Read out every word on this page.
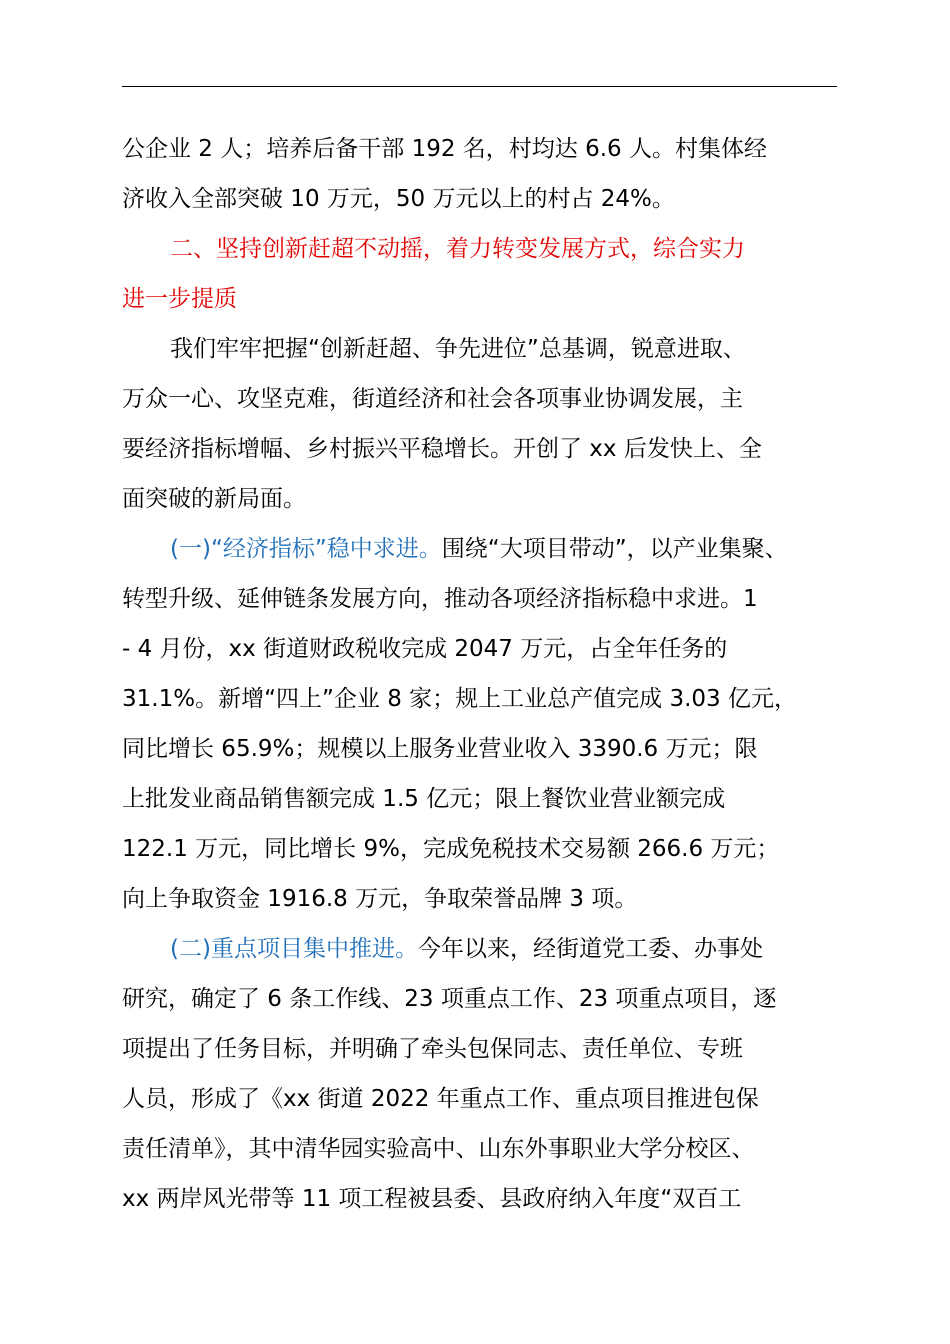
公企业 2 人；培养后备干部 192 名，村均达 6.6 人。村集体经
济收入全部突破 10 万元，50 万元以上的村占 24%。
二、坚持创新赶超不动摇，着力转变发展方式，综合实力
进一步提质
我们牢牢把握“创新赶超、争先进位”总基调，锐意进取、
万众一心、攻坚克难，街道经济和社会各项事业协调发展，主
要经济指标增幅、乡村振兴平稳增长。开创了 xx 后发快上、全
面突破的新局面。
(一)“经济指标”稳中求进。围绕“大项目带动”，以产业集聚、
转型升级、延伸链条发展方向，推动各项经济指标稳中求进。1
- 4 月份，xx 街道财政税收完成 2047 万元，占全年任务的
31.1%。新增“四上”企业 8 家；规上工业总产值完成 3.03 亿元，
同比增长 65.9%；规模以上服务业营业收入 3390.6 万元；限
上批发业商品销售额完成 1.5 亿元；限上餐饮业营业额完成
122.1 万元，同比增长 9%，完成免税技术交易额 266.6 万元；
向上争取资金 1916.8 万元，争取荣誉品牌 3 项。
(二)重点项目集中推进。今年以来，经街道党工委、办事处
研究，确定了 6 条工作线、23 项重点工作、23 项重点项目，逐
项提出了任务目标，并明确了牵头包保同志、责任单位、专班
人员，形成了《xx 街道 2022 年重点工作、重点项目推进包保
责任清单》，其中清华园实验高中、山东外事职业大学分校区、
xx 两岸风光带等 11 项工程被县委、县政府纳入年度“双百工
